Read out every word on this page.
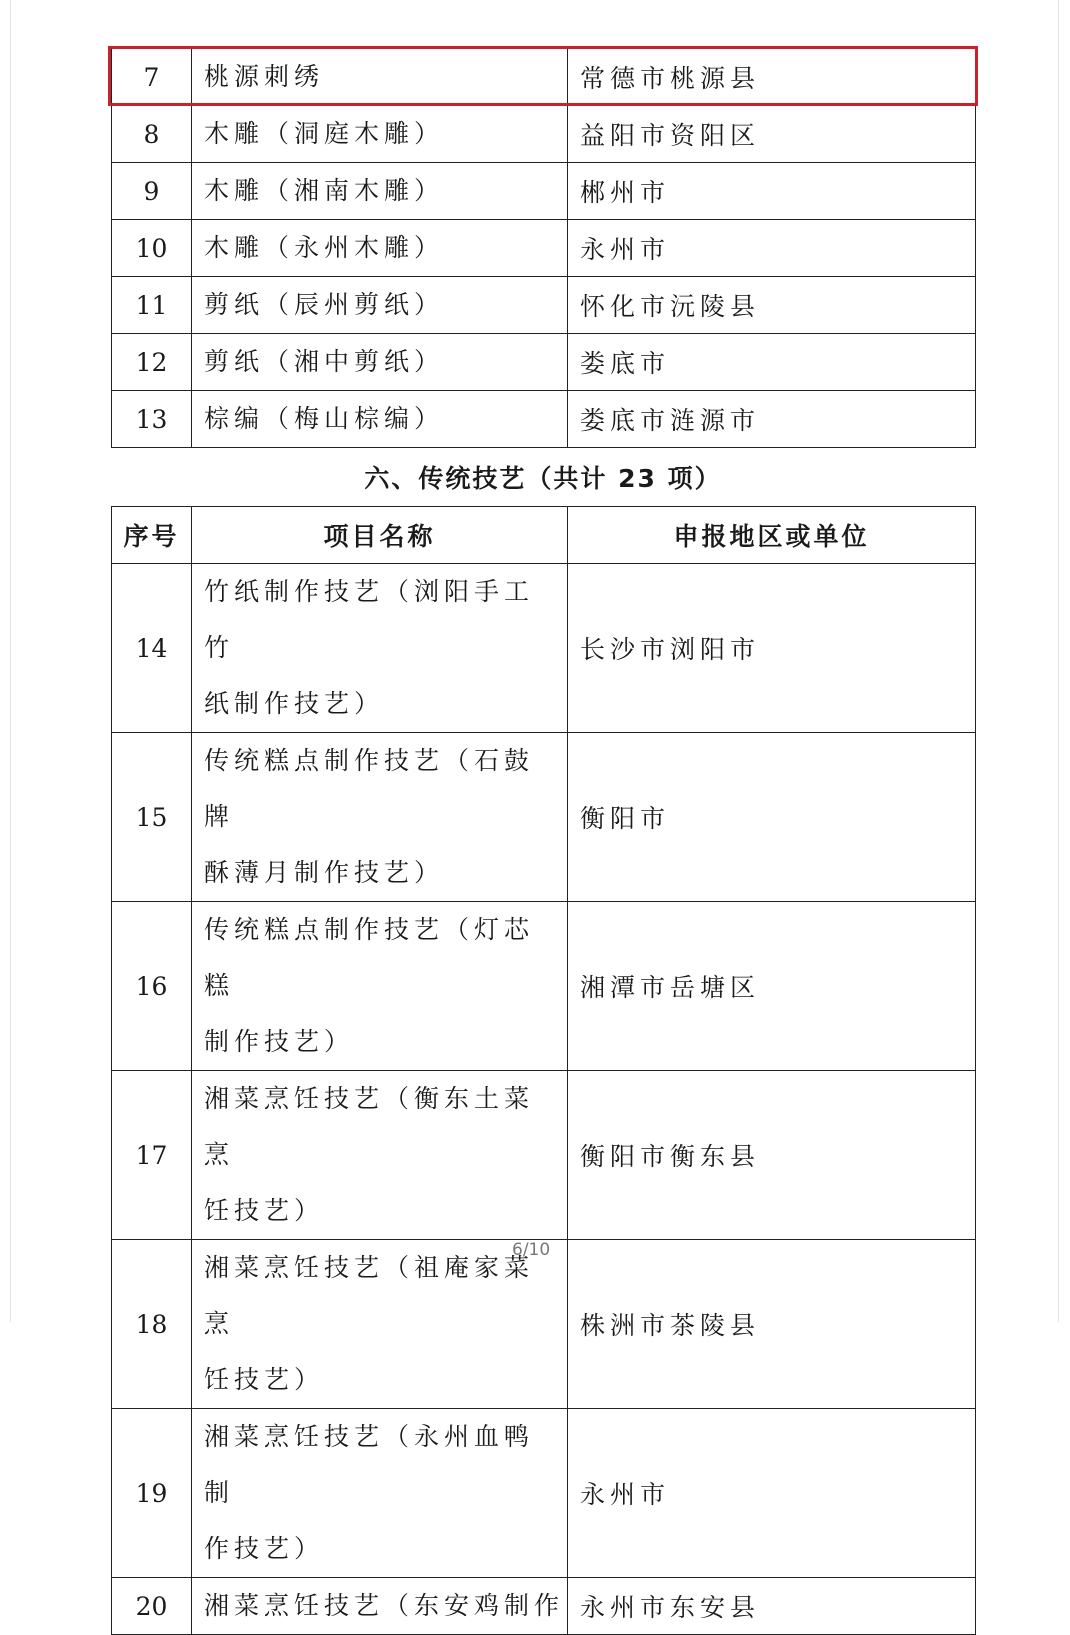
7	桃源刺绣	常德市桃源县
8	木雕（洞庭木雕）	益阳市资阳区
9	木雕（湘南木雕）	郴州市
10	木雕（永州木雕）	永州市
11	剪纸（辰州剪纸）	怀化市沅陵县
12	剪纸（湘中剪纸）	娄底市
13	棕编（梅山棕编）	娄底市涟源市
六、传统技艺（共计 23 项）
序号	项目名称	申报地区或单位
14	竹纸制作技艺（浏阳手工竹
纸制作技艺）	长沙市浏阳市
15	传统糕点制作技艺（石鼓牌
酥薄月制作技艺）	衡阳市
16	传统糕点制作技艺（灯芯糕
制作技艺）	湘潭市岳塘区
17	湘菜烹饪技艺（衡东土菜烹
饪技艺）	衡阳市衡东县
18	湘菜烹饪技艺（祖庵家菜烹
饪技艺）	株洲市茶陵县
19	湘菜烹饪技艺（永州血鸭制
作技艺）	永州市
20	湘菜烹饪技艺（东安鸡制作	永州市东安县
6/10
